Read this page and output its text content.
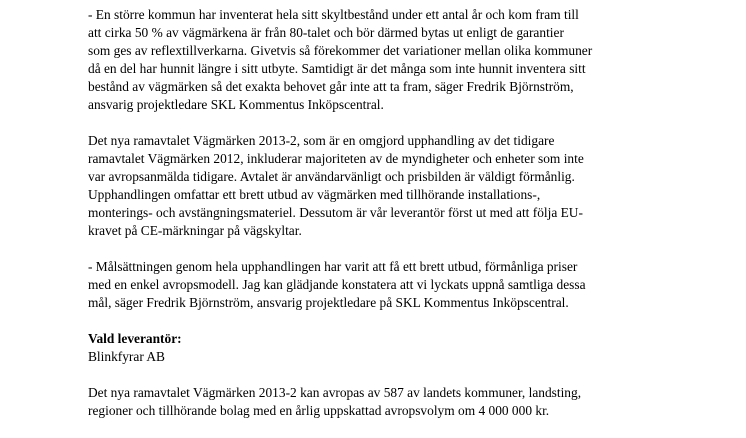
- En större kommun har inventerat hela sitt skyltbestånd under ett antal år och kom fram till
att cirka 50 % av vägmärkena är från 80-talet och bör därmed bytas ut enligt de garantier
som ges av reflextillverkarna. Givetvis så förekommer det variationer mellan olika kommuner
då en del har hunnit längre i sitt utbyte. Samtidigt är det många som inte hunnit inventera sitt
bestånd av vägmärken så det exakta behovet går inte att ta fram, säger Fredrik Björnström,
ansvarig projektledare SKL Kommentus Inköpscentral.

Det nya ramavtalet Vägmärken 2013-2, som är en omgjord upphandling av det tidigare
ramavtalet Vägmärken 2012, inkluderar majoriteten av de myndigheter och enheter som inte
var avropsanmälda tidigare. Avtalet är användarvänligt och prisbilden är väldigt förmånlig.
Upphandlingen omfattar ett brett utbud av vägmärken med tillhörande installations-,
monterings- och avstängningsmateriel. Dessutom är vår leverantör först ut med att följa EU-
kravet på CE-märkningar på vägskyltar.

- Målsättningen genom hela upphandlingen har varit att få ett brett utbud, förmånliga priser
med en enkel avropsmodell. Jag kan glädjande konstatera att vi lyckats uppnå samtliga dessa
mål, säger Fredrik Björnström, ansvarig projektledare på SKL Kommentus Inköpscentral.

Vald leverantör:
Blinkfyrar AB

Det nya ramavtalet Vägmärken 2013-2 kan avropas av 587 av landets kommuner, landsting,
regioner och tillhörande bolag med en årlig uppskattad avropsvolym om 4 000 000 kr.
